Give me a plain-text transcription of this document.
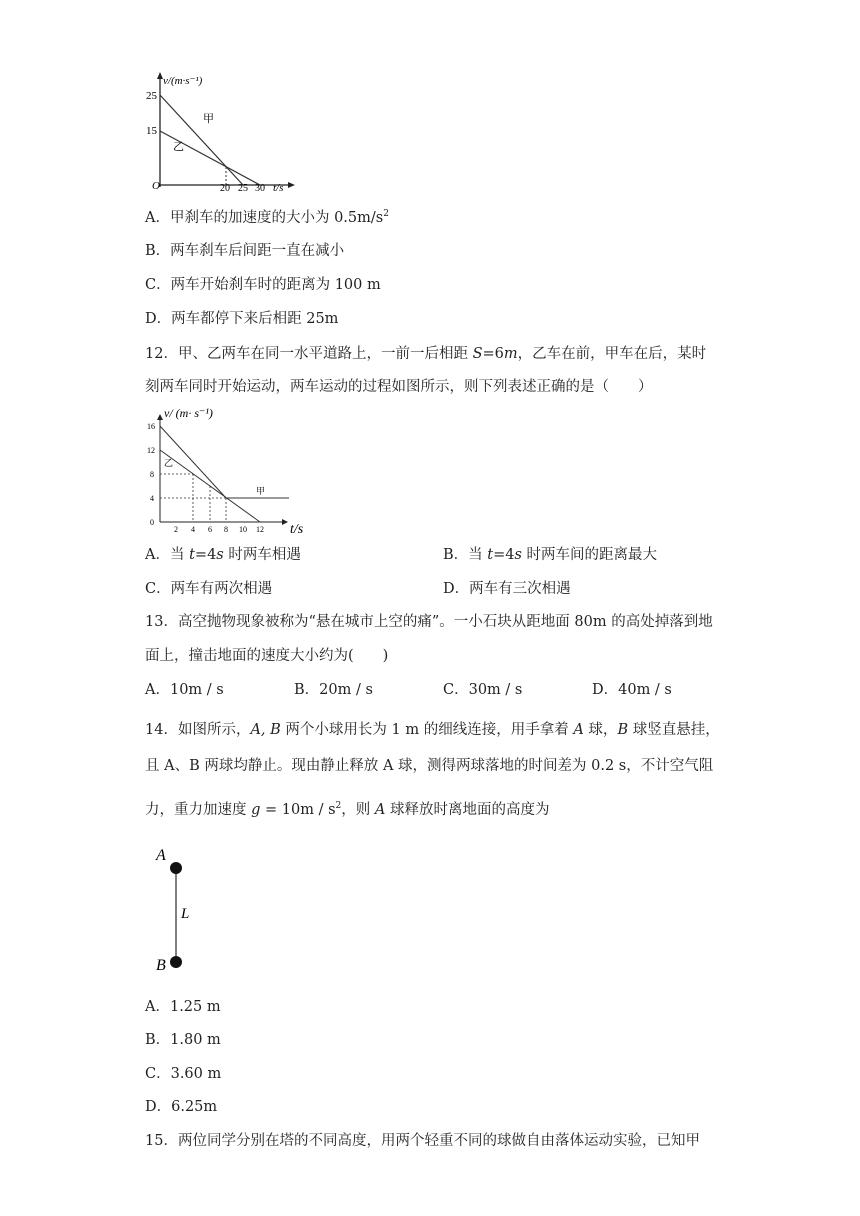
v/(m·s⁻¹)
25
15
甲
乙
O	20 25 30 t/s
A．甲刹车的加速度的大小为 $0.5m/s^2$
B．两车刹车后间距一直在减小
C．两车开始刹车时的距离为 100 m
D．两车都停下来后相距 25m
12．甲、乙两车在同一水平道路上，一前一后相距 S=6m，乙车在前，甲车在后，某时
刻两车同时开始运动，两车运动的过程如图所示，则下列表述正确的是（　　）
v/ (m· s⁻¹)
16
12
8
4
0
乙
甲
2 4 6 8 10 12 t/s
A．当 t=4s 时两车相遇	B．当 t=4s 时两车间的距离最大
C．两车有两次相遇	D．两车有三次相遇
13．高空抛物现象被称为“悬在城市上空的痛”。一小石块从距地面 80m 的高处掉落到地
面上，撞击地面的速度大小约为(　　)
A．10m / s	B．20m / s	C．30m / s	D．40m / s
14．如图所示，A, B 两个小球用长为 1 m 的细线连接，用手拿着 A 球，B 球竖直悬挂，
且 A、B 两球均静止。现由静止释放 A 球，测得两球落地的时间差为 0.2 s，不计空气阻
力，重力加速度 $g = 10m / s^2$，则 A 球释放时离地面的高度为
A
L
B
A．1.25 m
B．1.80 m
C．3.60 m
D．6.25m
15．两位同学分别在塔的不同高度，用两个轻重不同的球做自由落体运动实验，已知甲
